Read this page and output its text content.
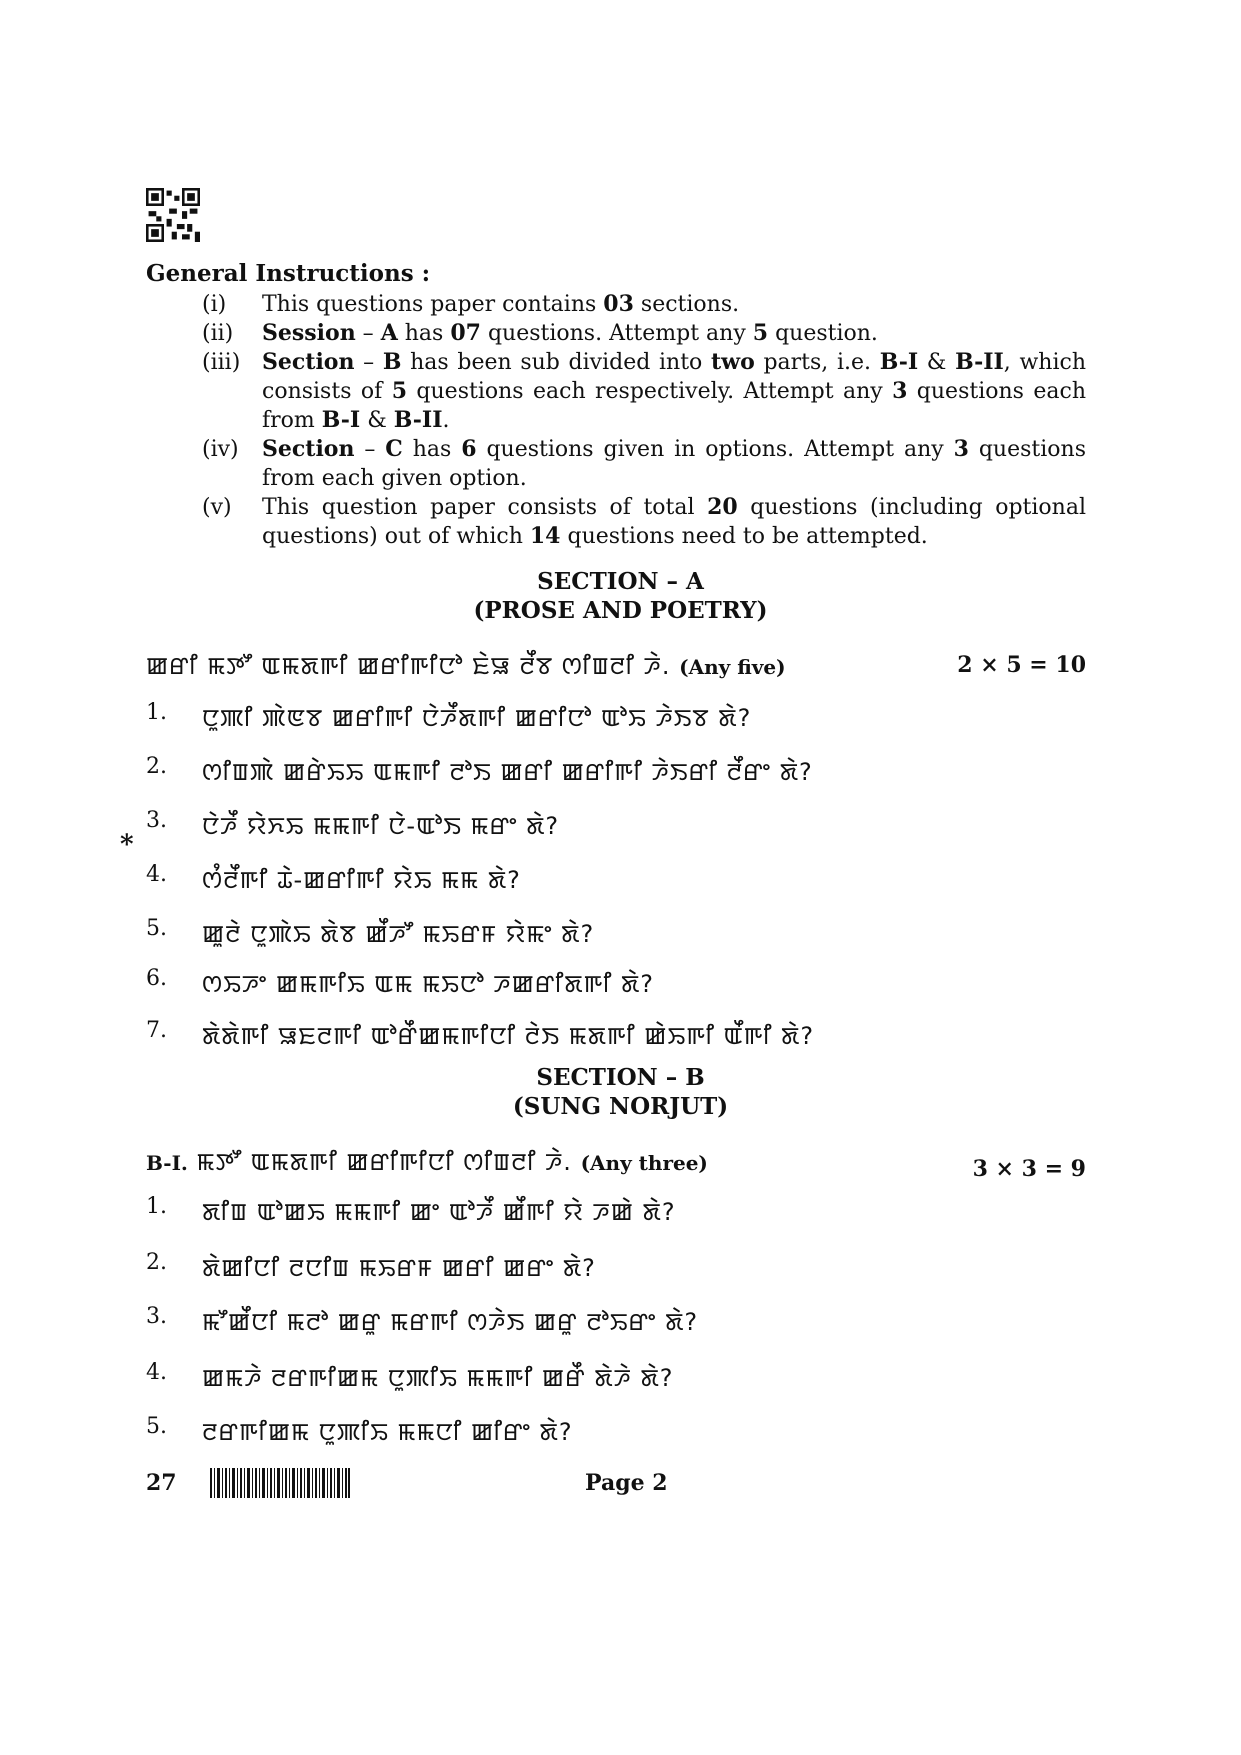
General Instructions :
(i)	This questions paper contains 03 sections.
(ii)	Session – A has 07 questions. Attempt any 5 question.
(iii) Section – B has been sub divided into two parts, i.e. B-I & B-II, which consists of 5 questions each respectively. Attempt any 3 questions each from B-I & B-II.
(iv)	Section – C has 6 questions given in options. Attempt any 3 questions from each given option.
(v)	This question paper consists of total 20 questions (including optional questions) out of which 14 questions need to be attempted.
SECTION – A
(PROSE AND POETRY)
ꯀꯔꯤ ꯃꯇꯧ ꯑꯃꯗꯒꯤ ꯀꯔꯤꯒꯤꯅꯣ ꯐꯥꯎ ꯂꯩꯕ ꯁꯤꯡꯂꯤ ꯍꯥ. (Any five)	2 × 5 = 10
1.	ꯅꯨꯄꯤ ꯄꯥꯟꯕ ꯀꯔꯤꯒꯤ ꯅꯥꯍꯩꯗꯒꯤ ꯀꯔꯤꯅꯣ ꯑꯣꯢ ꯍꯥꯏꯕ ꯗꯥ?
2.	ꯁꯤꯡꯄꯥ ꯀꯔꯥꯢꯢ ꯑꯃꯒꯤ ꯂꯣꯏ ꯀꯔꯤ ꯀꯔꯤꯒꯤ ꯍꯥꯏꯔꯤ ꯂꯩꯔꯦ ꯗꯥ?
3.	ꯅꯥꯍꯩ ꯌꯥꯈꯢ ꯃꯃꯒꯤ ꯅꯥ-ꯑꯣꯏ ꯃꯔꯦ ꯗꯥ?
4.	ꯁꯪꯂꯩꯒꯤ ꯊꯥ-ꯀꯔꯤꯒꯤ ꯌꯥꯢ ꯃꯃ ꯗꯥ?
5.	ꯀꯨꯂꯥ ꯅꯨꯄꯥꯢ ꯗꯥꯕ ꯀꯩꯍꯧ ꯃꯢꯔꯝ ꯌꯥꯃꯦ ꯗꯥ?
6.	ꯁꯢꯍꯦ ꯀꯃꯒꯤꯢ ꯑꯃ ꯃꯢꯅꯣ ꯍꯀꯔꯤꯗꯒꯤ ꯗꯥ?
7.	ꯗꯥꯗꯥꯒꯤ ꯎꯐꯂꯒꯤ ꯑꯣꯔꯩꯀꯃꯒꯤꯅꯤ ꯂꯥꯏ ꯃꯗꯒꯤ ꯀꯥꯢꯒꯤ ꯑꯩꯒꯤ ꯗꯥ?
*
SECTION – B
(SUNG NORJUT)
B-I. ꯃꯇꯧ ꯑꯃꯗꯒꯤ ꯀꯔꯤꯒꯤꯅꯤ ꯁꯤꯡꯂꯤ ꯍꯥ. (Any three)	3 × 3 = 9
1.	ꯗꯤꯡ ꯑꯣꯀꯢ ꯃꯃꯒꯤ ꯀꯦ ꯑꯣꯍꯩ ꯀꯩꯒꯤ ꯌꯥ ꯍꯀꯥ ꯗꯥ?
2.	ꯗꯥꯀꯤꯅꯤ ꯂꯅꯤꯡ ꯃꯢꯔꯝ ꯀꯔꯤ ꯀꯔꯦ ꯗꯥ?
3.	ꯃꯧꯀꯩꯅꯤ ꯃꯂꯣ ꯀꯔꯨ ꯃꯔꯒꯤ ꯁꯍꯥꯏ ꯀꯔꯨ ꯂꯣꯢꯔꯦ ꯗꯥ?
4.	ꯀꯃꯍꯥ ꯂꯔꯒꯤꯀꯃ ꯅꯨꯄꯤꯢ ꯃꯃꯒꯤ ꯀꯔꯩ ꯗꯥꯍꯥ ꯗꯥ?
5.	ꯂꯔꯒꯤꯀꯃ ꯅꯨꯄꯤꯢ ꯃꯃꯅꯤ ꯀꯤꯔꯦ ꯗꯥ?
27	Page 2
